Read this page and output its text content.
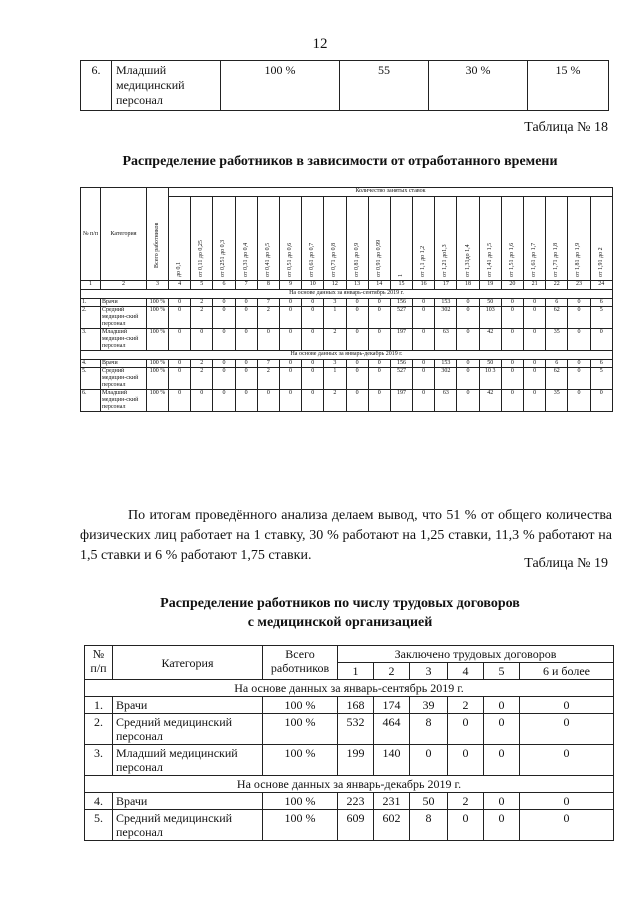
12
6.	Младший медицинский персонал	100 %	55	30 %	15 %
Таблица № 18
Распределение работников в зависимости от отработанного времени
№ п/п	Категория	Всего работников	Количество занятых ставок																			
			до 0,1	от 0,11 до 0,25	от 0,251 до 0,3	от 0,31 до 0,4	от 0,41 до 0,5	от 0,51 до 0,6	от 0,61 до 0,7	от 0,71 до 0,8	от 0,81 до 0,9	от 0,91 до 0,99	1	от 1,1 до 1,2	от 1,21 до1,3	от 1,31до 1,4	от 1,41 до 1,5	от 1,51 до 1,6	от 1,61 до 1,7	от 1,71 до 1,8	от 1,81 до 1,9	от 1,91 до 2
1	2	3	4	5	6	7	8	9	10	12	13	14	15	16	17	18	19	20	21	22	23	24
На основе данных за январь-сентябрь 2019 г.																						
1.	Врачи	100 %	0	2	0	0	7	0	0	3	0	0	156	0	153	0	50	0	0	6	0	6
2.	Средний медицин-ский персонал	100 %	0	2	0	0	2	0	0	1	0	0	527	0	302	0	103	0	0	62	0	5
3.	Младший медицин-ский персонал	100 %	0	0	0	0	0	0	0	2	0	0	197	0	63	0	42	0	0	35	0	0
На основе данных за январь-декабрь 2019 г.																						
4.	Врачи	100 %	0	2	0	0	7	0	0	3	0	0	156	0	153	0	50	0	0	6	0	6
5.	Средний медицин-ский персонал	100 %	0	2	0	0	2	0	0	1	0	0	527	0	302	0	10 3	0	0	62	0	5
6.	Младший медицин-ский персонал	100 %	0	0	0	0	0	0	0	2	0	0	197	0	63	0	42	0	0	35	0	0
По итогам проведённого анализа делаем вывод, что 51 % от общего количества физических лиц работает на 1 ставку, 30 % работают на 1,25 ставки, 11,3 % работают на 1,5 ставки и 6 % работают 1,75 ставки.
Таблица № 19
Распределение работников по числу трудовых договоров
с медицинской организацией
№ п/п	Категория	Всего работников	Заключено трудовых договоров					
			1	2	3	4	5	6 и более
На основе данных за январь-сентябрь 2019 г.								
1.	Врачи	100 %	168	174	39	2	0	0
2.	Средний медицинский персонал	100 %	532	464	8	0	0	0
3.	Младший медицинский персонал	100 %	199	140	0	0	0	0
На основе данных за январь-декабрь 2019 г.								
4.	Врачи	100 %	223	231	50	2	0	0
5.	Средний медицинский персонал	100 %	609	602	8	0	0	0
